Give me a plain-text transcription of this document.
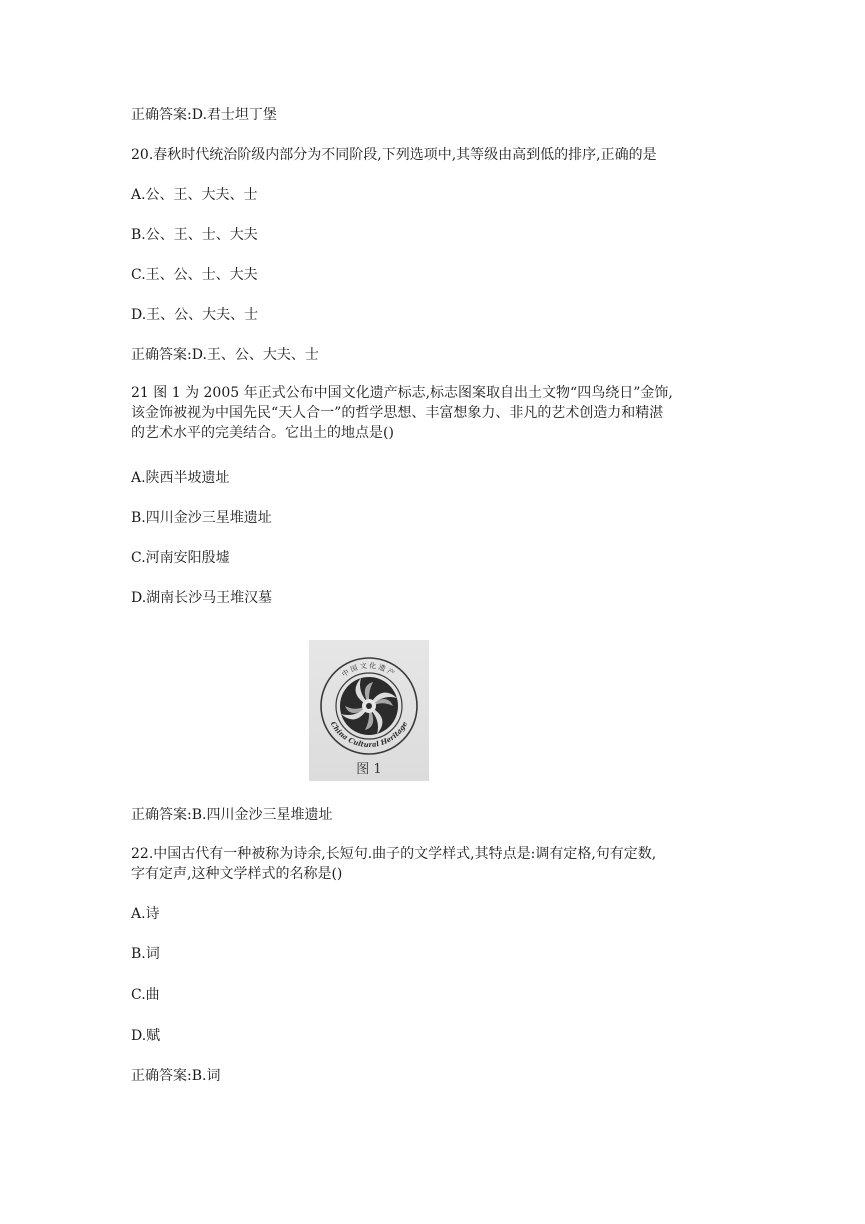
正确答案:D.君士坦丁堡
20.春秋时代统治阶级内部分为不同阶段,下列选项中,其等级由高到低的排序,正确的是
A.公、王、大夫、士
B.公、王、士、大夫
C.王、公、士、大夫
D.王、公、大夫、士
正确答案:D.王、公、大夫、士
21 图 1 为 2005 年正式公布中国文化遗产标志,标志图案取自出土文物“四鸟绕日”金饰,
该金饰被视为中国先民“天人合一”的哲学思想、丰富想象力、非凡的艺术创造力和精湛
的艺术水平的完美结合。它出土的地点是()
A.陕西半坡遗址
B.四川金沙三星堆遗址
C.河南安阳殷墟
D.湖南长沙马王堆汉墓
中国文化遗产
China Cultural Heritage
图 1
正确答案:B.四川金沙三星堆遗址
22.中国古代有一种被称为诗余,长短句.曲子的文学样式,其特点是:调有定格,句有定数,
字有定声,这种文学样式的名称是()
A.诗
B.词
C.曲
D.赋
正确答案:B.词
